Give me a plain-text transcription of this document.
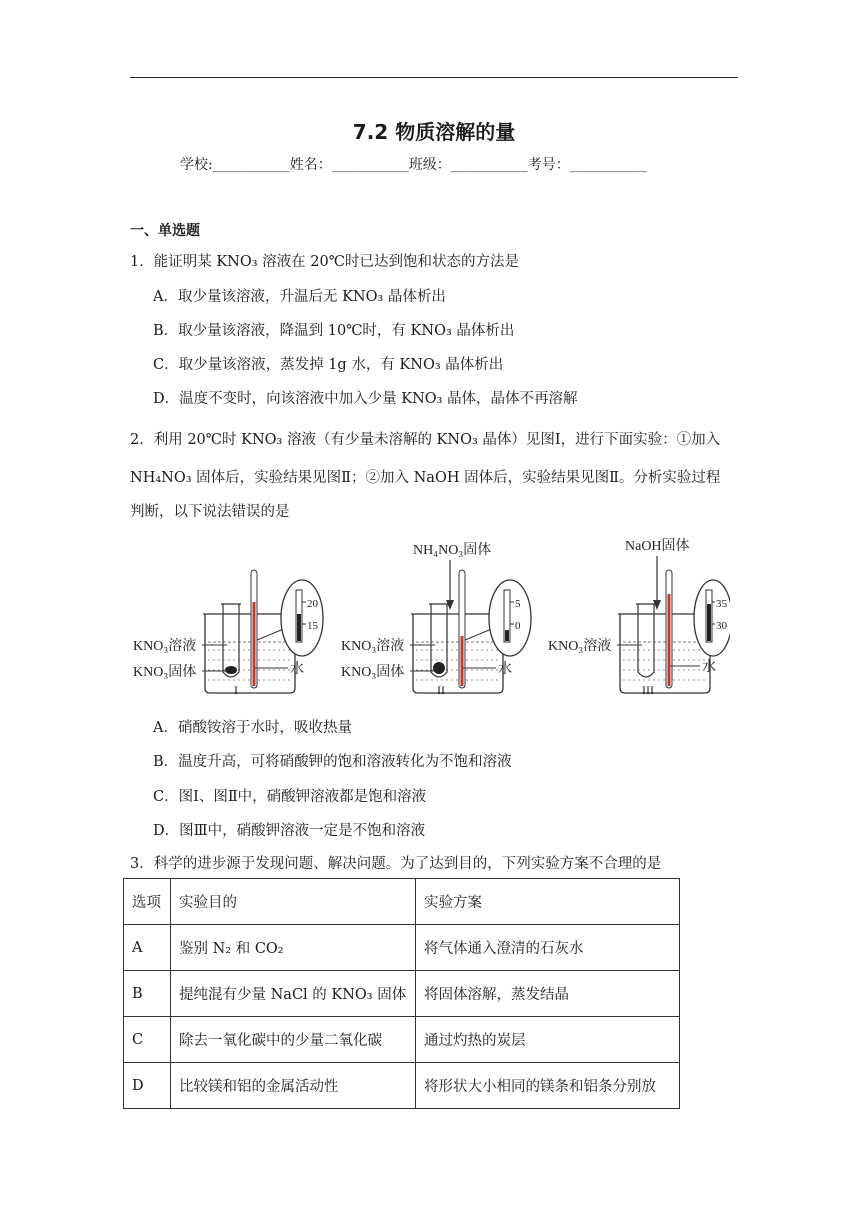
7.2 物质溶解的量
学校:___________姓名：___________班级：___________考号：___________
一、单选题
1．能证明某 KNO₃ 溶液在 20℃时已达到饱和状态的方法是
A．取少量该溶液，升温后无 KNO₃ 晶体析出
B．取少量该溶液，降温到 10℃时，有 KNO₃ 晶体析出
C．取少量该溶液，蒸发掉 1g 水，有 KNO₃ 晶体析出
D．温度不变时，向该溶液中加入少量 KNO₃ 晶体，晶体不再溶解
2．利用 20℃时 KNO₃ 溶液（有少量未溶解的 KNO₃ 晶体）见图Ⅰ，进行下面实验：①加入
NH₄NO₃ 固体后，实验结果见图Ⅱ；②加入 NaOH 固体后，实验结果见图Ⅱ。分析实验过程
判断，以下说法错误的是
20
15
KNO₃溶液
KNO₃固体	水
I
NH₄NO₃固体
5
0
KNO₃溶液
KNO₃固体	水
II
NaOH固体
35
30
KNO₃溶液
水
III
A．硝酸铵溶于水时，吸收热量
B．温度升高，可将硝酸钾的饱和溶液转化为不饱和溶液
C．图Ⅰ、图Ⅱ中，硝酸钾溶液都是饱和溶液
D．图Ⅲ中，硝酸钾溶液一定是不饱和溶液
3．科学的进步源于发现问题、解决问题。为了达到目的，下列实验方案不合理的是
选项	实验目的	实验方案
A	鉴别 N₂ 和 CO₂	将气体通入澄清的石灰水
B	提纯混有少量 NaCl 的 KNO₃ 固体	将固体溶解，蒸发结晶
C	除去一氧化碳中的少量二氧化碳	通过灼热的炭层
D	比较镁和铝的金属活动性	将形状大小相同的镁条和铝条分别放
